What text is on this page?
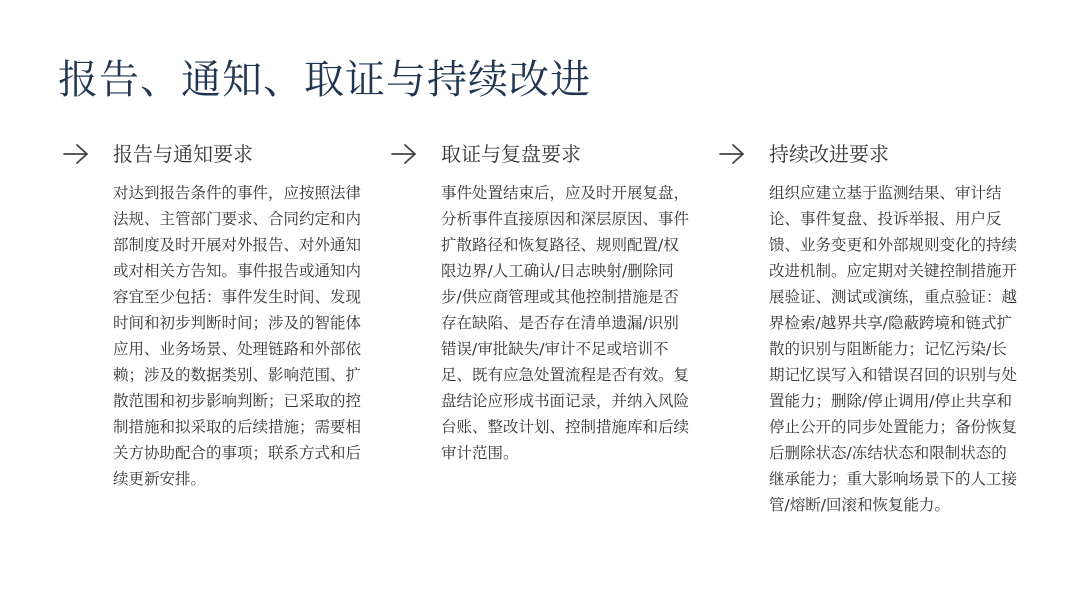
报告、通知、取证与持续改进
报告与通知要求
对达到报告条件的事件，应按照法律法规、主管部门要求、合同约定和内部制度及时开展对外报告、对外通知或对相关方告知。事件报告或通知内容宜至少包括：事件发生时间、发现时间和初步判断时间；涉及的智能体应用、业务场景、处理链路和外部依赖；涉及的数据类别、影响范围、扩散范围和初步影响判断；已采取的控制措施和拟采取的后续措施；需要相关方协助配合的事项；联系方式和后续更新安排。
取证与复盘要求
事件处置结束后，应及时开展复盘，分析事件直接原因和深层原因、事件扩散路径和恢复路径、规则配置/权限边界/人工确认/日志映射/删除同步/供应商管理或其他控制措施是否存在缺陷、是否存在清单遗漏/识别错误/审批缺失/审计不足或培训不足、既有应急处置流程是否有效。复盘结论应形成书面记录，并纳入风险台账、整改计划、控制措施库和后续审计范围。
持续改进要求
组织应建立基于监测结果、审计结论、事件复盘、投诉举报、用户反馈、业务变更和外部规则变化的持续改进机制。应定期对关键控制措施开展验证、测试或演练，重点验证：越界检索/越界共享/隐蔽跨境和链式扩散的识别与阻断能力；记忆污染/长期记忆误写入和错误召回的识别与处置能力；删除/停止调用/停止共享和停止公开的同步处置能力；备份恢复后删除状态/冻结状态和限制状态的继承能力；重大影响场景下的人工接管/熔断/回滚和恢复能力。
